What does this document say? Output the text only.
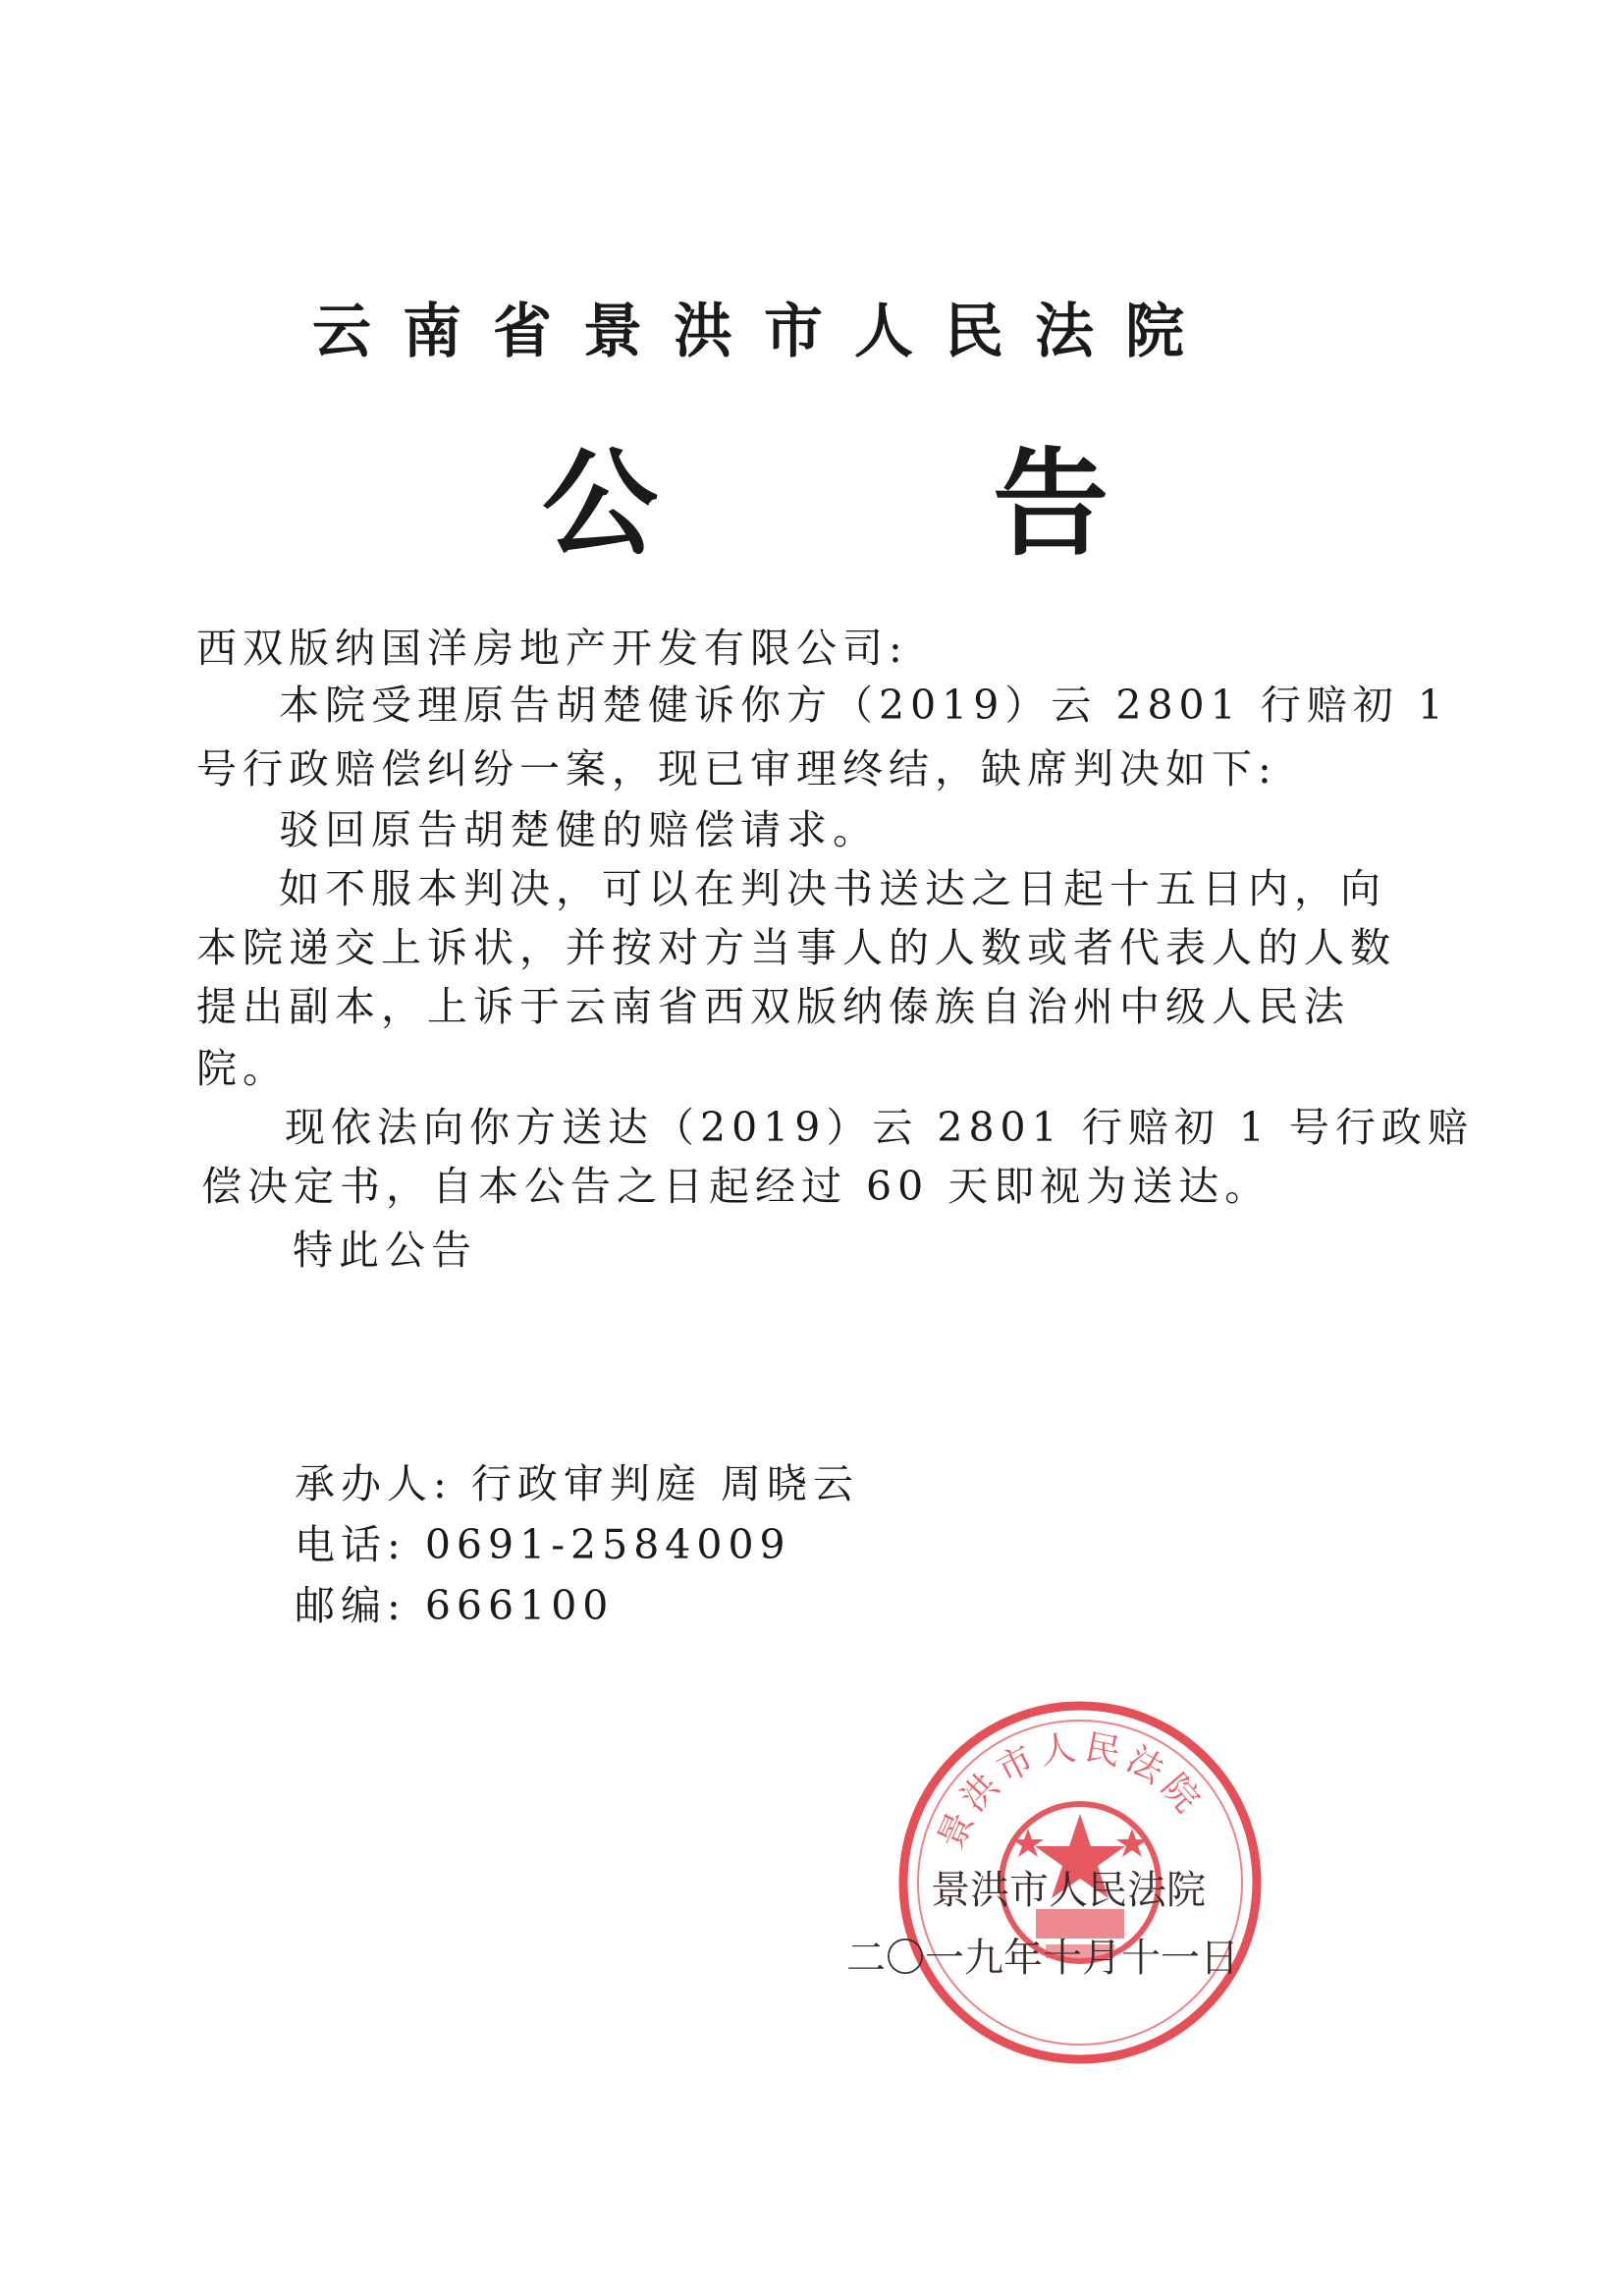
云南省景洪市人民法院
公 告
西双版纳国洋房地产开发有限公司:
本院受理原告胡楚健诉你方（2019）云 2801 行赔初 1
号行政赔偿纠纷一案，现已审理终结，缺席判决如下:
驳回原告胡楚健的赔偿请求。
如不服本判决，可以在判决书送达之日起十五日内，向
本院递交上诉状，并按对方当事人的人数或者代表人的人数
提出副本，上诉于云南省西双版纳傣族自治州中级人民法
院。
现依法向你方送达（2019）云 2801 行赔初 1 号行政赔
偿决定书，自本公告之日起经过 60 天即视为送达。
特此公告
承办人: 行政审判庭 周晓云
电话: 0691-2584009
邮编: 666100
景洪市人民法院
景洪市人民法院
二〇一九年十月十一日
